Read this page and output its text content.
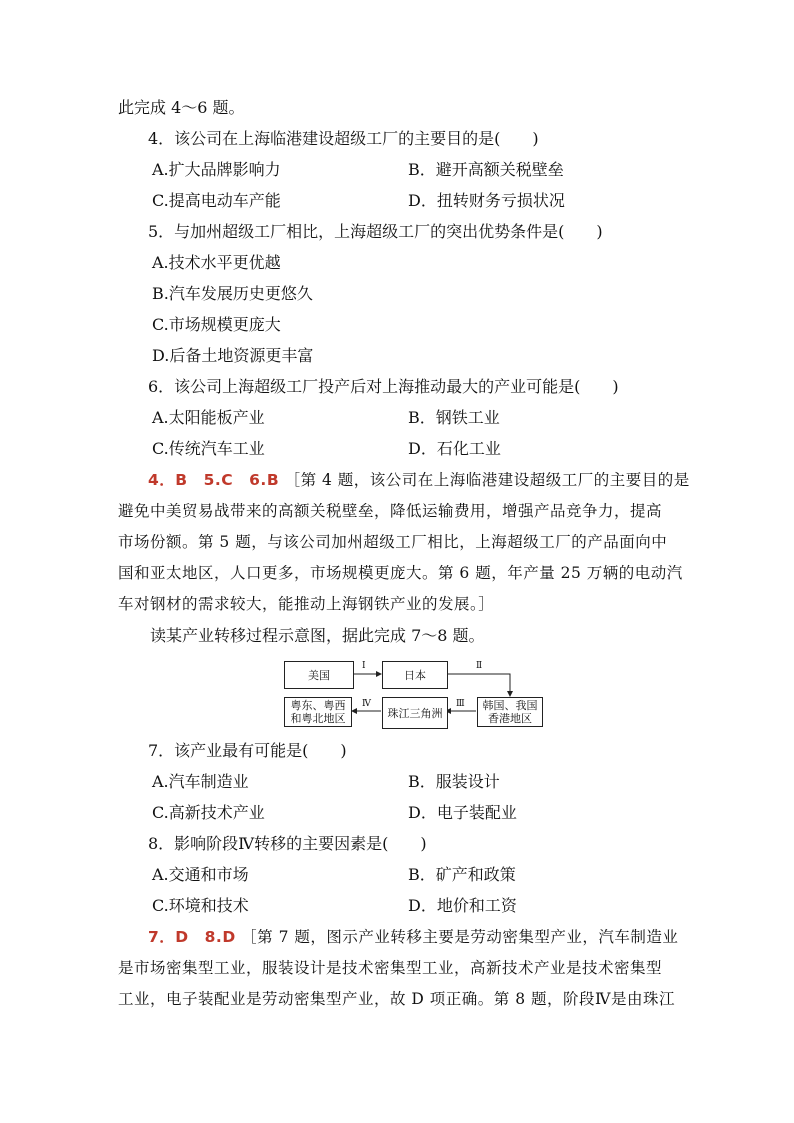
此完成 4～6 题。
4．该公司在上海临港建设超级工厂的主要目的是(　　)
A.扩大品牌影响力	B．避开高额关税壁垒
C.提高电动车产能	D．扭转财务亏损状况
5．与加州超级工厂相比，上海超级工厂的突出优势条件是(　　)
A.技术水平更优越
B.汽车发展历史更悠久
C.市场规模更庞大
D.后备土地资源更丰富
6．该公司上海超级工厂投产后对上海推动最大的产业可能是(　　)
A.太阳能板产业	B．钢铁工业
C.传统汽车工业	D．石化工业
4．B　5.C　6.B ［第 4 题，该公司在上海临港建设超级工厂的主要目的是
避免中美贸易战带来的高额关税壁垒，降低运输费用，增强产品竞争力，提高
市场份额。第 5 题，与该公司加州超级工厂相比，上海超级工厂的产品面向中
国和亚太地区，人口更多，市场规模更庞大。第 6 题，年产量 25 万辆的电动汽
车对钢材的需求较大，能推动上海钢铁产业的发展。］
读某产业转移过程示意图，据此完成 7～8 题。
美国	日本
韩国、我国香港地区
珠江三角洲
粤东、粤西和粤北地区
Ⅰ	Ⅱ
Ⅲ
Ⅳ
7．该产业最有可能是(　　)
A.汽车制造业	B．服装设计
C.高新技术产业	D．电子装配业
8．影响阶段Ⅳ转移的主要因素是(　　)
A.交通和市场	B．矿产和政策
C.环境和技术	D．地价和工资
7．D　8.D ［第 7 题，图示产业转移主要是劳动密集型产业，汽车制造业
是市场密集型工业，服装设计是技术密集型工业，高新技术产业是技术密集型
工业，电子装配业是劳动密集型产业，故 D 项正确。第 8 题，阶段Ⅳ是由珠江
